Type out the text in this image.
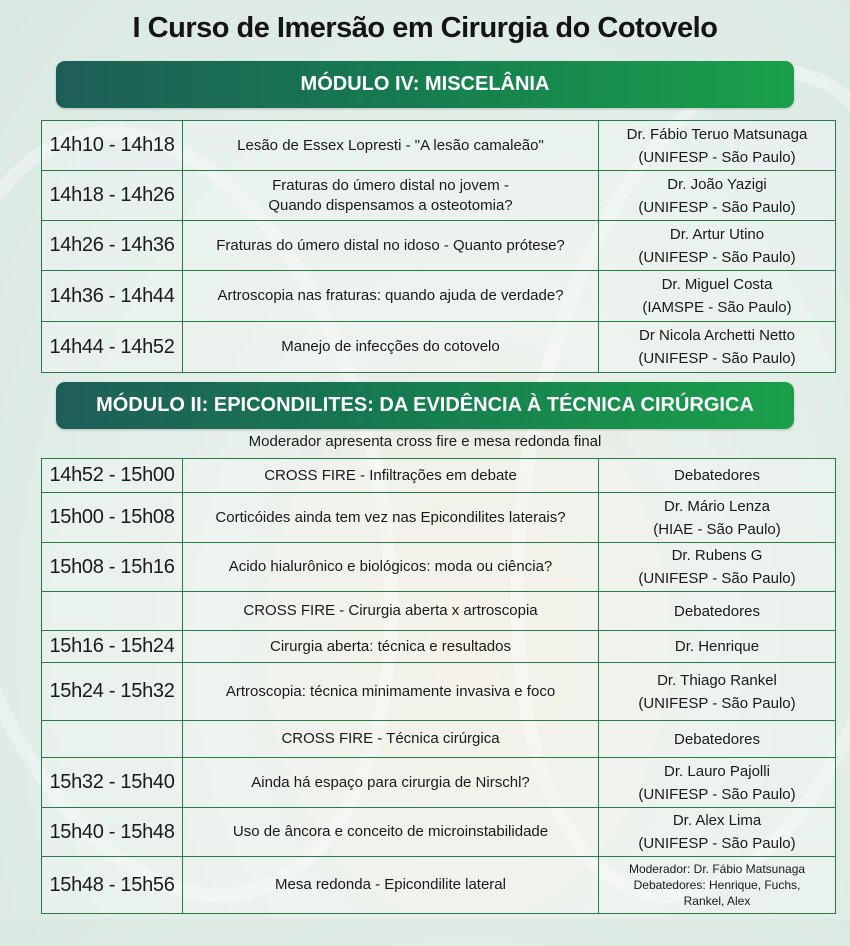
I Curso de Imersão em Cirurgia do Cotovelo
MÓDULO IV: MISCELÂNIA
14h10 - 14h18	Lesão de Essex Lopresti - "A lesão camaleão"	Dr. Fábio Teruo Matsunaga
(UNIFESP - São Paulo)

14h18 - 14h26	Fraturas do úmero distal no jovem -
Quando dispensamos a osteotomia?	Dr. João Yazigi
(UNIFESP - São Paulo)

14h26 - 14h36	Fraturas do úmero distal no idoso - Quanto prótese?	Dr. Artur Utino
(UNIFESP - São Paulo)

14h36 - 14h44	Artroscopia nas fraturas: quando ajuda de verdade?	Dr. Miguel Costa
(IAMSPE - São Paulo)

14h44 - 14h52	Manejo de infecções do cotovelo	Dr Nicola Archetti Netto
(UNIFESP - São Paulo)
MÓDULO II: EPICONDILITES: DA EVIDÊNCIA À TÉCNICA CIRÚRGICA
Moderador apresenta cross fire e mesa redonda final
14h52 - 15h00	CROSS FIRE - Infiltrações em debate	Debatedores

15h00 - 15h08	Corticóides ainda tem vez nas Epicondilites laterais?	Dr. Mário Lenza
(HIAE - São Paulo)

15h08 - 15h16	Acido hialurônico e biológicos: moda ou ciência?	Dr. Rubens G
(UNIFESP - São Paulo)

	CROSS FIRE - Cirurgia aberta x artroscopia	Debatedores

15h16 - 15h24	Cirurgia aberta: técnica e resultados	Dr. Henrique

15h24 - 15h32	Artroscopia: técnica minimamente invasiva e foco	Dr. Thiago Rankel
(UNIFESP - São Paulo)

	CROSS FIRE - Técnica cirúrgica	Debatedores

15h32 - 15h40	Ainda há espaço para cirurgia de Nirschl?	Dr. Lauro Pajolli
(UNIFESP - São Paulo)

15h40 - 15h48	Uso de âncora e conceito de microinstabilidade	Dr. Alex Lima
(UNIFESP - São Paulo)

15h48 - 15h56	Mesa redonda - Epicondilite lateral	Moderador: Dr. Fábio Matsunaga
Debatedores: Henrique, Fuchs,
Rankel, Alex
